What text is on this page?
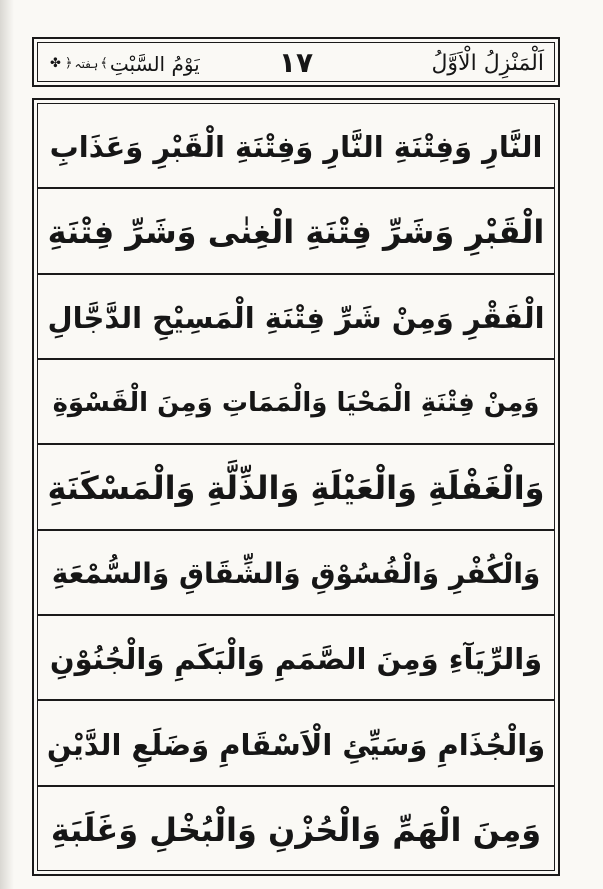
اَلْمَنْزِلُ الْاَوَّلُ
١٧
يَوْمُ السَّبْتِ
﴾
ہفتہ
﴿
✤
النَّارِ وَفِتْنَةِ النَّارِ وَفِتْنَةِ الْقَبْرِ وَعَذَابِ
الْقَبْرِ وَشَرِّ فِتْنَةِ الْغِنٰى وَشَرِّ فِتْنَةِ
الْفَقْرِ وَمِنْ شَرِّ فِتْنَةِ الْمَسِيْحِ الدَّجَّالِ
وَمِنْ فِتْنَةِ الْمَحْيَا وَالْمَمَاتِ وَمِنَ الْقَسْوَةِ
وَالْغَفْلَةِ وَالْعَيْلَةِ وَالذِّلَّةِ وَالْمَسْكَنَةِ
وَالْكُفْرِ وَالْفُسُوْقِ وَالشِّقَاقِ وَالسُّمْعَةِ
وَالرِّيَآءِ وَمِنَ الصَّمَمِ وَالْبَكَمِ وَالْجُنُوْنِ
وَالْجُذَامِ وَسَيِّئِ الْاَسْقَامِ وَضَلَعِ الدَّيْنِ
وَمِنَ الْهَمِّ وَالْحُزْنِ وَالْبُخْلِ وَغَلَبَةِ
